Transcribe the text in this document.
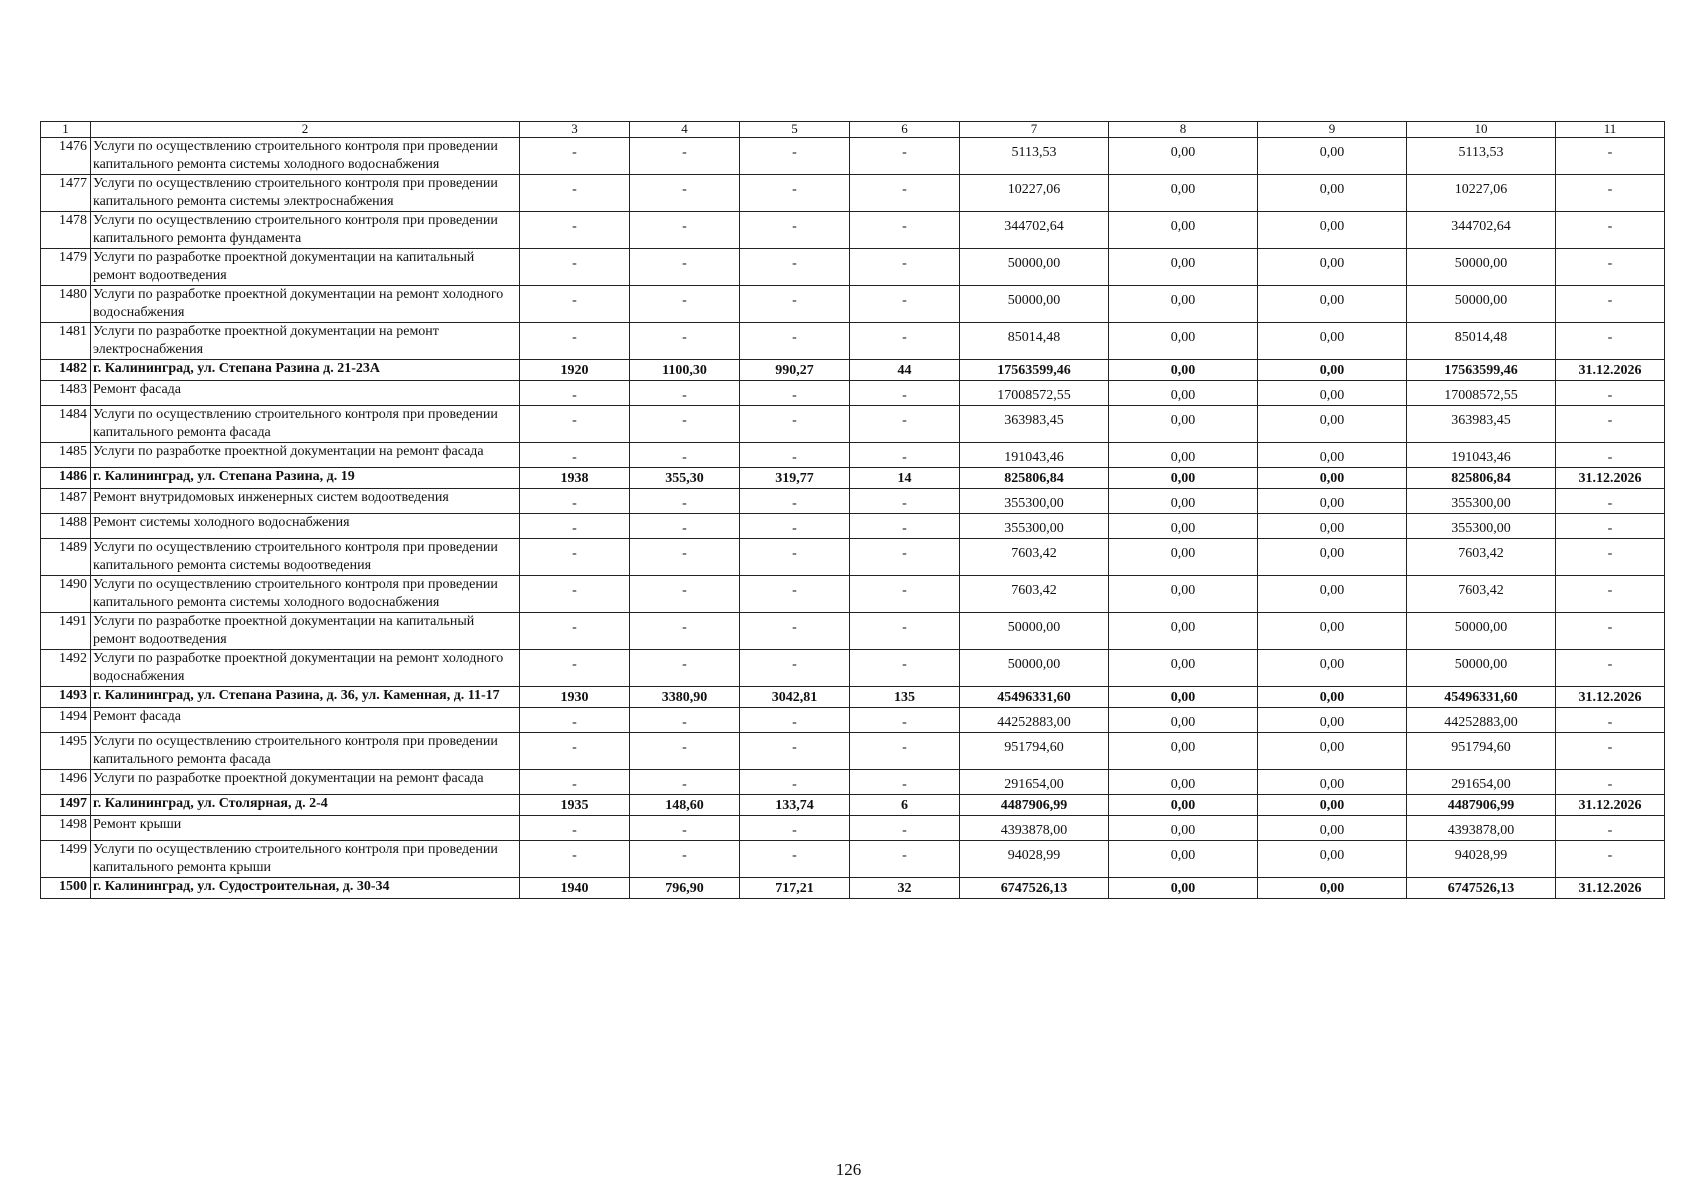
1	2	3	4	5	6	7	8	9	10	11
1476	Услуги по осуществлению строительного контроля при проведении капитального ремонта системы холодного водоснабжения	-	-	-	-	5113,53	0,00	0,00	5113,53	-
1477	Услуги по осуществлению строительного контроля при проведении капитального ремонта системы электроснабжения	-	-	-	-	10227,06	0,00	0,00	10227,06	-
1478	Услуги по осуществлению строительного контроля при проведении капитального ремонта фундамента	-	-	-	-	344702,64	0,00	0,00	344702,64	-
1479	Услуги по разработке проектной документации на капитальный ремонт водоотведения	-	-	-	-	50000,00	0,00	0,00	50000,00	-
1480	Услуги по разработке проектной документации на ремонт холодного водоснабжения	-	-	-	-	50000,00	0,00	0,00	50000,00	-
1481	Услуги по разработке проектной документации на ремонт электроснабжения	-	-	-	-	85014,48	0,00	0,00	85014,48	-
1482	г. Калининград, ул. Степана Разина д. 21-23А	1920	1100,30	990,27	44	17563599,46	0,00	0,00	17563599,46	31.12.2026
1483	Ремонт фасада	-	-	-	-	17008572,55	0,00	0,00	17008572,55	-
1484	Услуги по осуществлению строительного контроля при проведении капитального ремонта фасада	-	-	-	-	363983,45	0,00	0,00	363983,45	-
1485	Услуги по разработке проектной документации на ремонт фасада	-	-	-	-	191043,46	0,00	0,00	191043,46	-
1486	г. Калининград, ул. Степана Разина, д. 19	1938	355,30	319,77	14	825806,84	0,00	0,00	825806,84	31.12.2026
1487	Ремонт внутридомовых инженерных систем водоотведения	-	-	-	-	355300,00	0,00	0,00	355300,00	-
1488	Ремонт системы холодного водоснабжения	-	-	-	-	355300,00	0,00	0,00	355300,00	-
1489	Услуги по осуществлению строительного контроля при проведении капитального ремонта системы водоотведения	-	-	-	-	7603,42	0,00	0,00	7603,42	-
1490	Услуги по осуществлению строительного контроля при проведении капитального ремонта системы холодного водоснабжения	-	-	-	-	7603,42	0,00	0,00	7603,42	-
1491	Услуги по разработке проектной документации на капитальный ремонт водоотведения	-	-	-	-	50000,00	0,00	0,00	50000,00	-
1492	Услуги по разработке проектной документации на ремонт холодного водоснабжения	-	-	-	-	50000,00	0,00	0,00	50000,00	-
1493	г. Калининград, ул. Степана Разина, д. 36, ул. Каменная, д. 11-17	1930	3380,90	3042,81	135	45496331,60	0,00	0,00	45496331,60	31.12.2026
1494	Ремонт фасада	-	-	-	-	44252883,00	0,00	0,00	44252883,00	-
1495	Услуги по осуществлению строительного контроля при проведении капитального ремонта фасада	-	-	-	-	951794,60	0,00	0,00	951794,60	-
1496	Услуги по разработке проектной документации на ремонт фасада	-	-	-	-	291654,00	0,00	0,00	291654,00	-
1497	г. Калининград, ул. Столярная, д. 2-4	1935	148,60	133,74	6	4487906,99	0,00	0,00	4487906,99	31.12.2026
1498	Ремонт крыши	-	-	-	-	4393878,00	0,00	0,00	4393878,00	-
1499	Услуги по осуществлению строительного контроля при проведении капитального ремонта крыши	-	-	-	-	94028,99	0,00	0,00	94028,99	-
1500	г. Калининград, ул. Судостроительная, д. 30-34	1940	796,90	717,21	32	6747526,13	0,00	0,00	6747526,13	31.12.2026
126
